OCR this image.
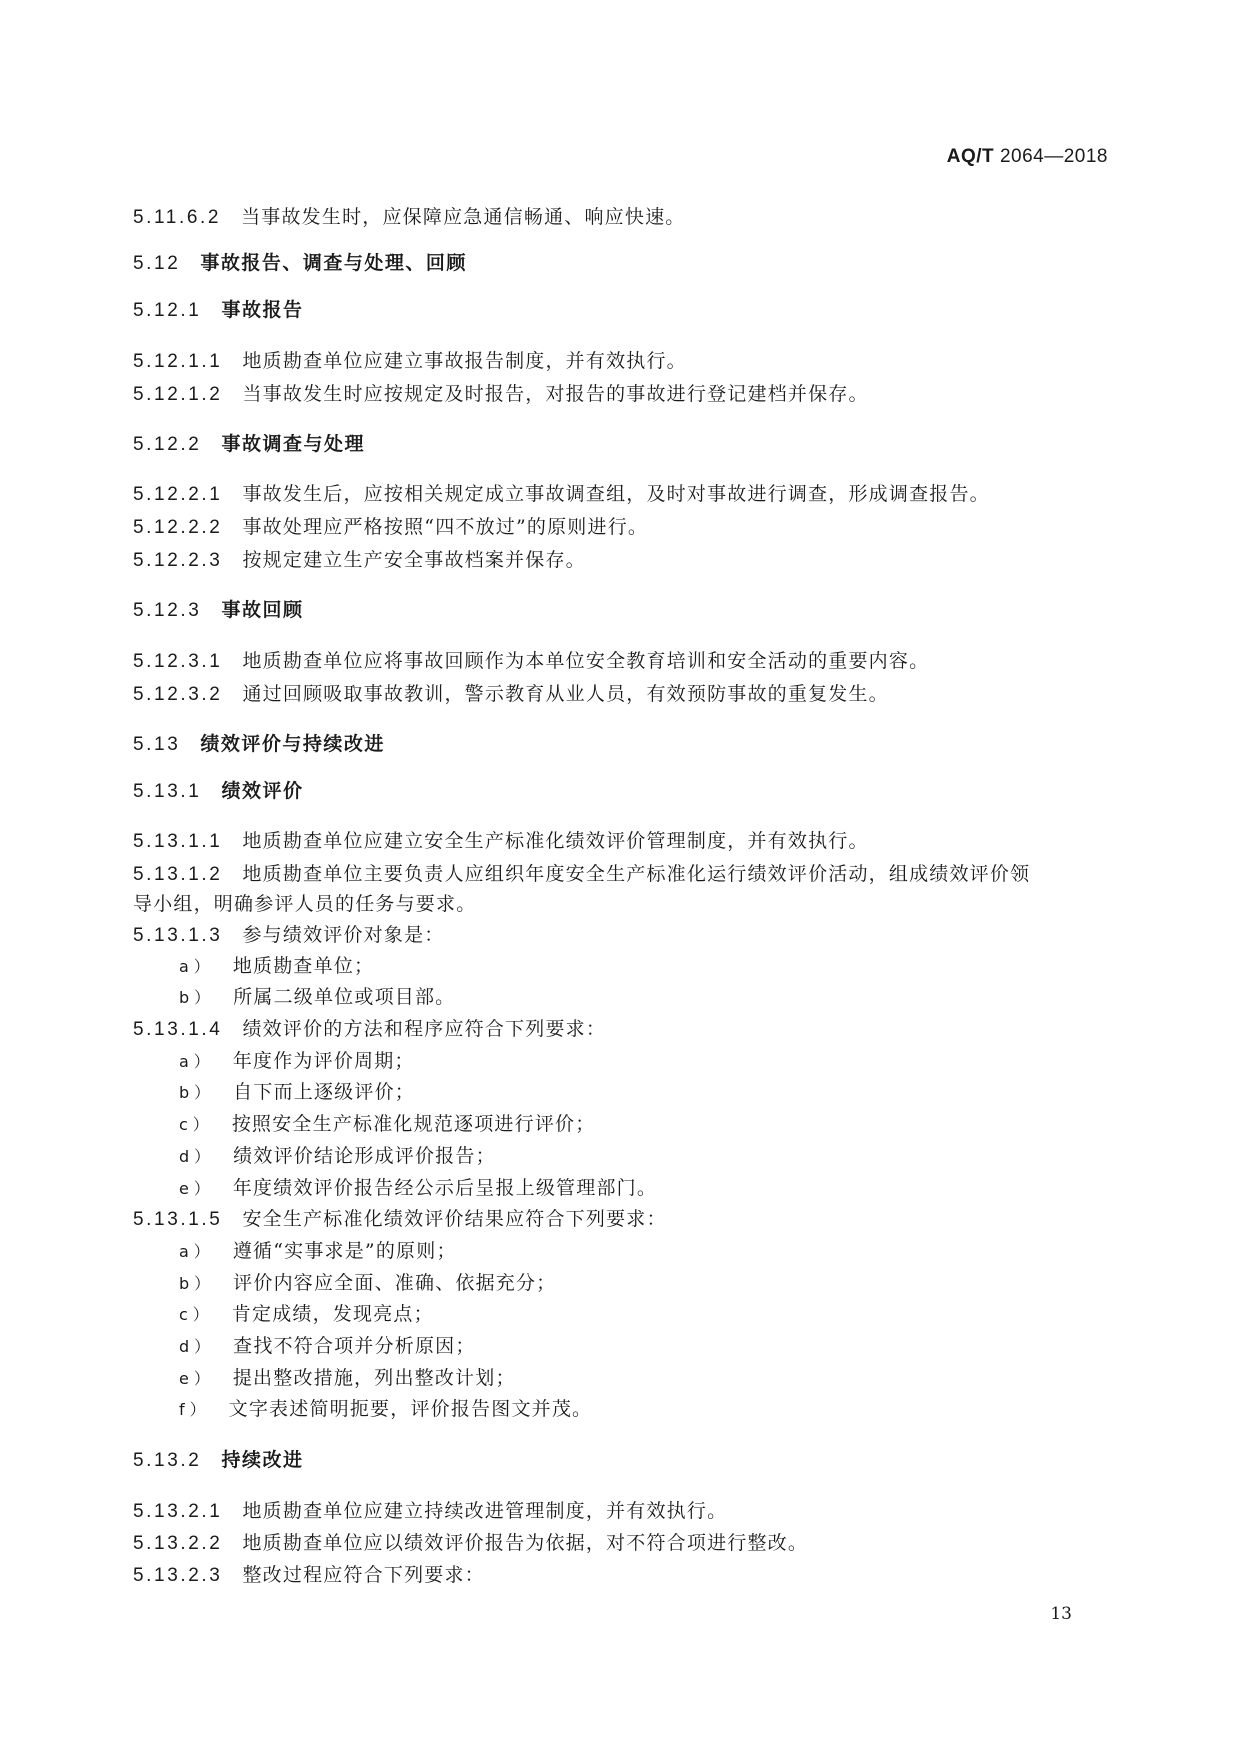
AQ/T 2064—2018
5.11.6.2 当事故发生时，应保障应急通信畅通、响应快速。
5.12 事故报告、调查与处理、回顾
5.12.1 事故报告
5.12.1.1 地质勘查单位应建立事故报告制度，并有效执行。
5.12.1.2 当事故发生时应按规定及时报告，对报告的事故进行登记建档并保存。
5.12.2 事故调查与处理
5.12.2.1 事故发生后，应按相关规定成立事故调查组，及时对事故进行调查，形成调查报告。
5.12.2.2 事故处理应严格按照“四不放过”的原则进行。
5.12.2.3 按规定建立生产安全事故档案并保存。
5.12.3 事故回顾
5.12.3.1 地质勘查单位应将事故回顾作为本单位安全教育培训和安全活动的重要内容。
5.12.3.2 通过回顾吸取事故教训，警示教育从业人员，有效预防事故的重复发生。
5.13 绩效评价与持续改进
5.13.1 绩效评价
5.13.1.1 地质勘查单位应建立安全生产标准化绩效评价管理制度，并有效执行。
5.13.1.2 地质勘查单位主要负责人应组织年度安全生产标准化运行绩效评价活动，组成绩效评价领
导小组，明确参评人员的任务与要求。
5.13.1.3 参与绩效评价对象是：
a） 地质勘查单位；
b） 所属二级单位或项目部。
5.13.1.4 绩效评价的方法和程序应符合下列要求：
a） 年度作为评价周期；
b） 自下而上逐级评价；
c） 按照安全生产标准化规范逐项进行评价；
d） 绩效评价结论形成评价报告；
e） 年度绩效评价报告经公示后呈报上级管理部门。
5.13.1.5 安全生产标准化绩效评价结果应符合下列要求：
a） 遵循“实事求是”的原则；
b） 评价内容应全面、准确、依据充分；
c） 肯定成绩，发现亮点；
d） 查找不符合项并分析原因；
e） 提出整改措施，列出整改计划；
f） 文字表述简明扼要，评价报告图文并茂。
5.13.2 持续改进
5.13.2.1 地质勘查单位应建立持续改进管理制度，并有效执行。
5.13.2.2 地质勘查单位应以绩效评价报告为依据，对不符合项进行整改。
5.13.2.3 整改过程应符合下列要求：
13
